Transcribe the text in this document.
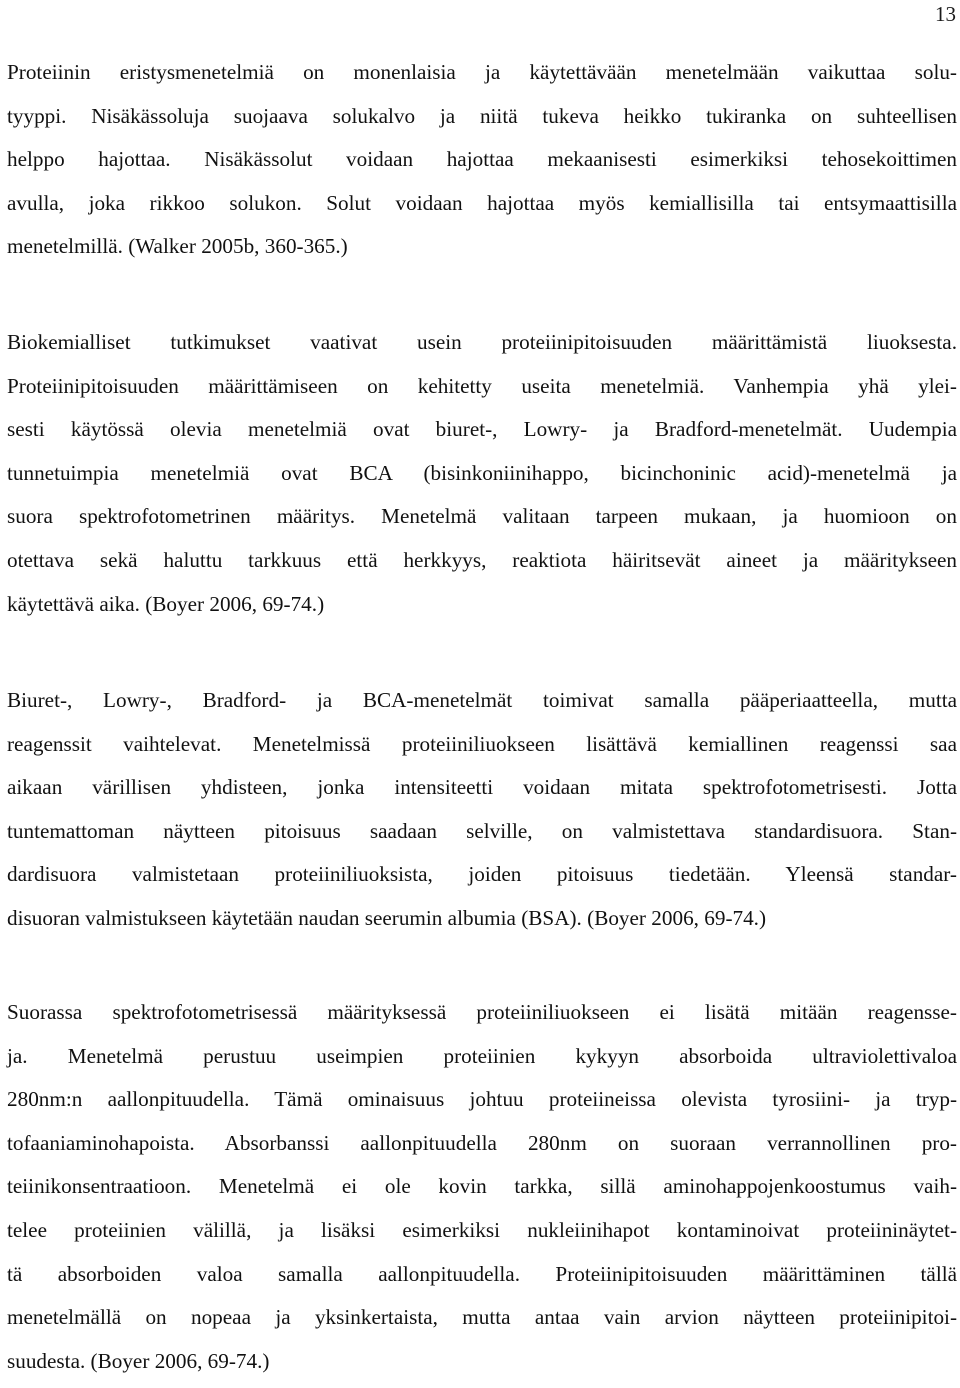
13
Proteiinin eristysmenetelmiä on monenlaisia ja käytettävään menetelmään vaikuttaa solu-
tyyppi. Nisäkässoluja suojaava solukalvo ja niitä tukeva heikko tukiranka on suhteellisen
helppo hajottaa. Nisäkässolut voidaan hajottaa mekaanisesti esimerkiksi tehosekoittimen
avulla, joka rikkoo solukon. Solut voidaan hajottaa myös kemiallisilla tai entsymaattisilla
menetelmillä. (Walker 2005b, 360-365.)
Biokemialliset tutkimukset vaativat usein proteiinipitoisuuden määrittämistä liuoksesta.
Proteiinipitoisuuden määrittämiseen on kehitetty useita menetelmiä. Vanhempia yhä ylei-
sesti käytössä olevia menetelmiä ovat biuret-, Lowry- ja Bradford-menetelmät. Uudempia
tunnetuimpia menetelmiä ovat BCA (bisinkoniinihappo, bicinchoninic acid)-menetelmä ja
suora spektrofotometrinen määritys. Menetelmä valitaan tarpeen mukaan, ja huomioon on
otettava sekä haluttu tarkkuus että herkkyys, reaktiota häiritsevät aineet ja määritykseen
käytettävä aika. (Boyer 2006, 69-74.)
Biuret-, Lowry-, Bradford- ja BCA-menetelmät toimivat samalla pääperiaatteella, mutta
reagenssit vaihtelevat. Menetelmissä proteiiniliuokseen lisättävä kemiallinen reagenssi saa
aikaan värillisen yhdisteen, jonka intensiteetti voidaan mitata spektrofotometrisesti. Jotta
tuntemattoman näytteen pitoisuus saadaan selville, on valmistettava standardisuora. Stan-
dardisuora valmistetaan proteiiniliuoksista, joiden pitoisuus tiedetään. Yleensä standar-
disuoran valmistukseen käytetään naudan seerumin albumia (BSA). (Boyer 2006, 69-74.)
Suorassa spektrofotometrisessä määrityksessä proteiiniliuokseen ei lisätä mitään reagensse-
ja. Menetelmä perustuu useimpien proteiinien kykyyn absorboida ultraviolettivaloa
280nm:n aallonpituudella. Tämä ominaisuus johtuu proteiineissa olevista tyrosiini- ja tryp-
tofaaniaminohapoista. Absorbanssi aallonpituudella 280nm on suoraan verrannollinen pro-
teiinikonsentraatioon. Menetelmä ei ole kovin tarkka, sillä aminohappojenkoostumus vaih-
telee proteiinien välillä, ja lisäksi esimerkiksi nukleiinihapot kontaminoivat proteiininäytet-
tä absorboiden valoa samalla aallonpituudella. Proteiinipitoisuuden määrittäminen tällä
menetelmällä on nopeaa ja yksinkertaista, mutta antaa vain arvion näytteen proteiinipitoi-
suudesta. (Boyer 2006, 69-74.)
